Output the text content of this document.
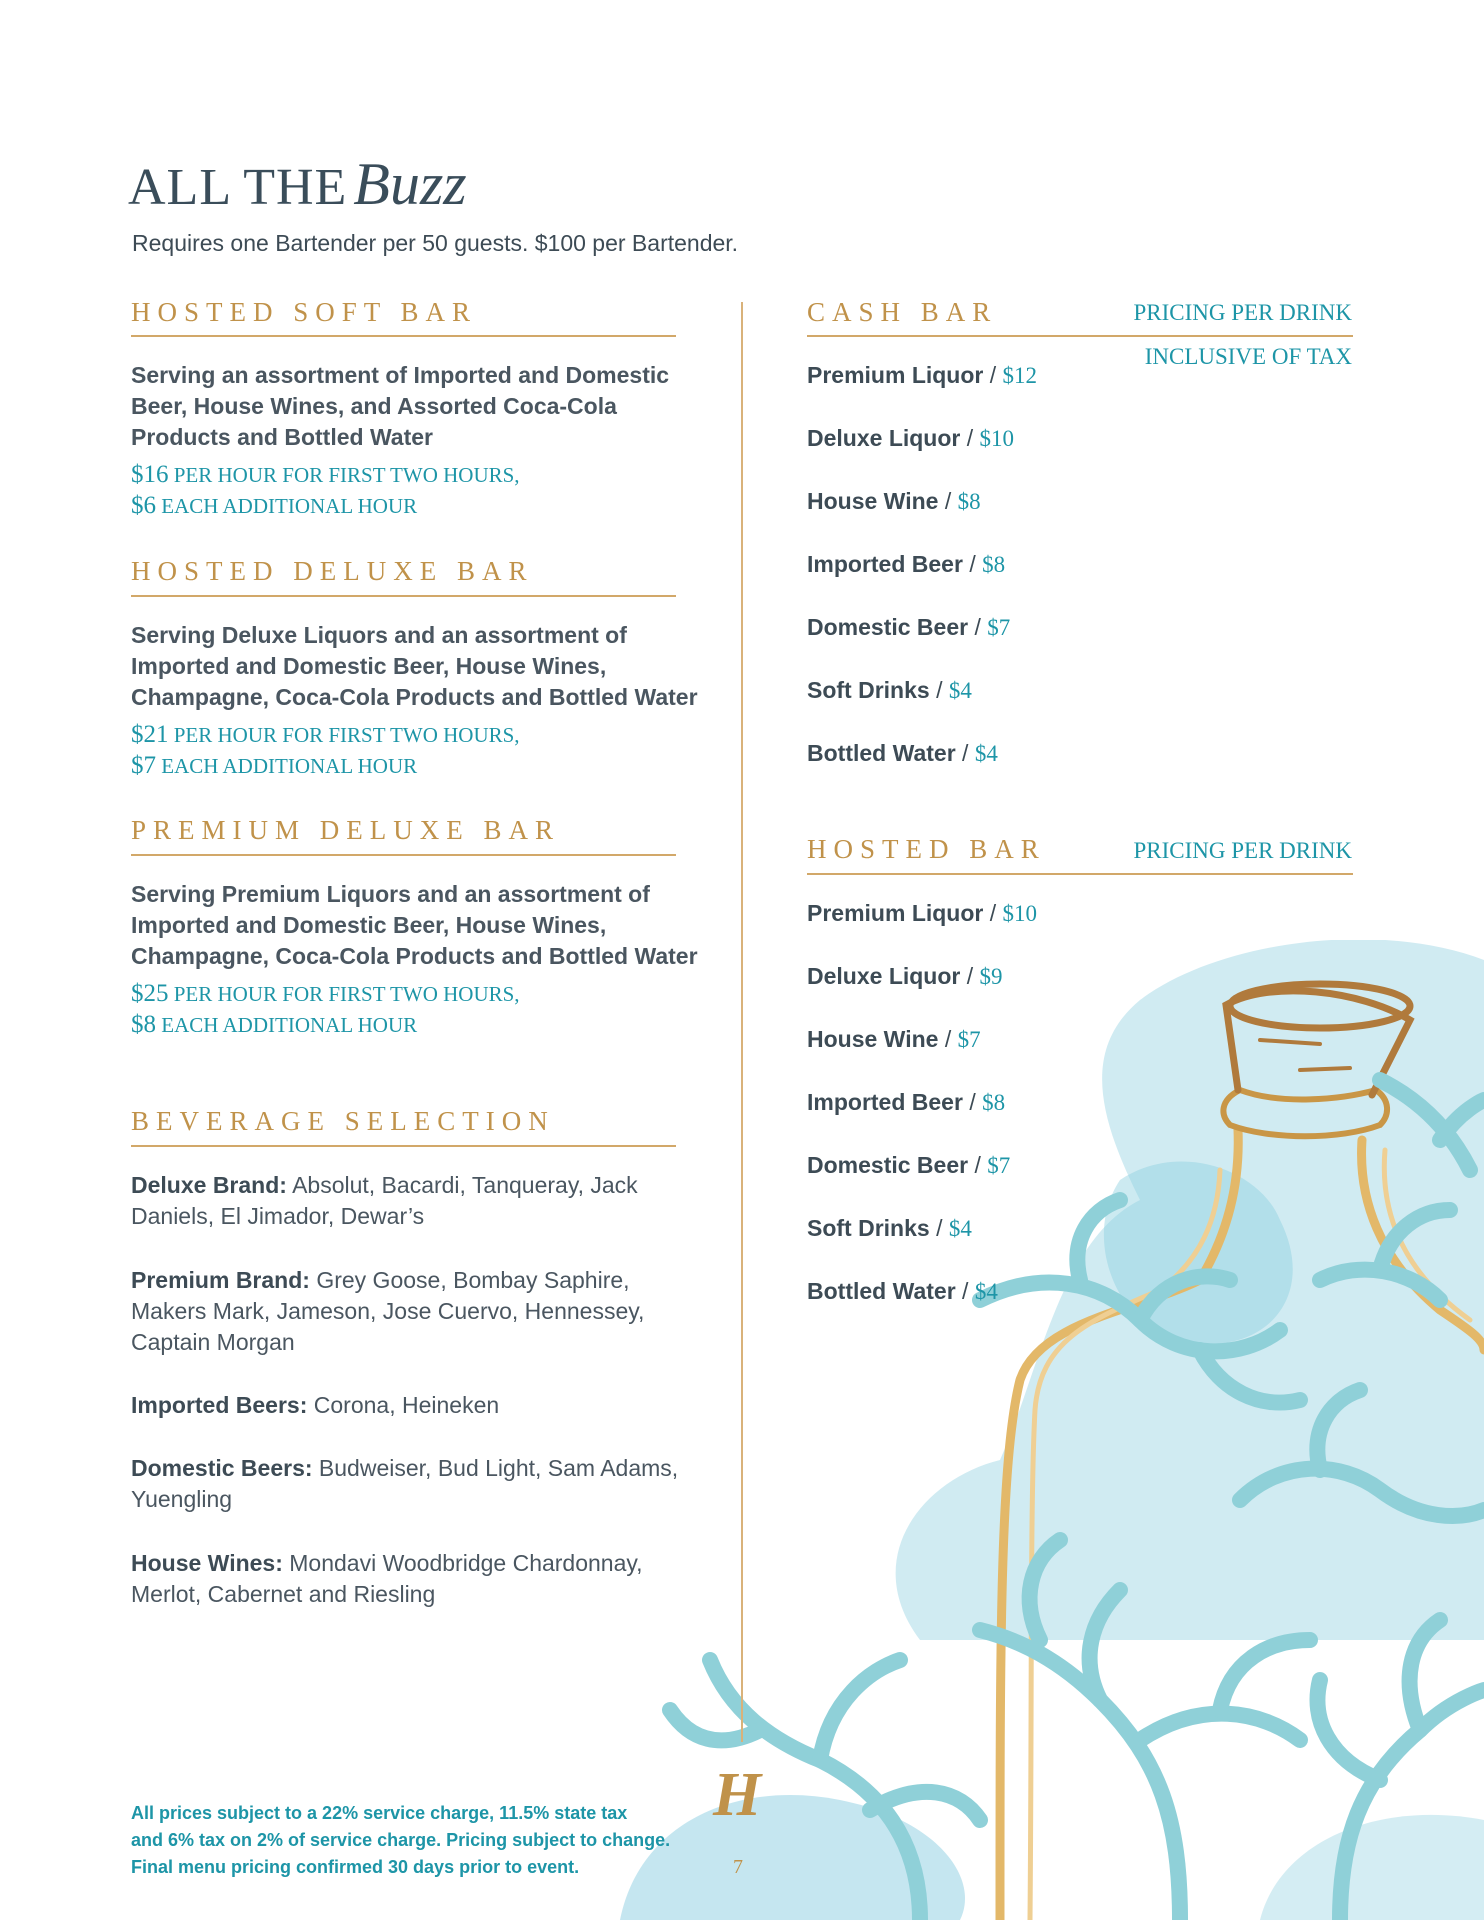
ALL THE Buzz
Requires one Bartender per 50 guests. $100 per Bartender.
HOSTED SOFT BAR
Serving an assortment of Imported and Domestic Beer, House Wines, and Assorted Coca-Cola Products and Bottled Water
$16 PER HOUR FOR FIRST TWO HOURS,
$6 EACH ADDITIONAL HOUR
HOSTED DELUXE BAR
Serving Deluxe Liquors and an assortment of Imported and Domestic Beer, House Wines, Champagne, Coca-Cola Products and Bottled Water
$21 PER HOUR FOR FIRST TWO HOURS,
$7 EACH ADDITIONAL HOUR
PREMIUM DELUXE BAR
Serving Premium Liquors and an assortment of Imported and Domestic Beer, House Wines, Champagne, Coca-Cola Products and Bottled Water
$25 PER HOUR FOR FIRST TWO HOURS,
$8 EACH ADDITIONAL HOUR
BEVERAGE SELECTION
Deluxe Brand: Absolut, Bacardi, Tanqueray, Jack Daniels, El Jimador, Dewar’s
Premium Brand: Grey Goose, Bombay Saphire, Makers Mark, Jameson, Jose Cuervo, Hennessey, Captain Morgan
Imported Beers: Corona, Heineken
Domestic Beers: Budweiser, Bud Light, Sam Adams, Yuengling
House Wines: Mondavi Woodbridge Chardonnay, Merlot, Cabernet and Riesling
CASH BAR	PRICING PER DRINK
INCLUSIVE OF TAX
Premium Liquor / $12
Deluxe Liquor / $10
House Wine / $8
Imported Beer / $8
Domestic Beer / $7
Soft Drinks / $4
Bottled Water / $4
HOSTED BAR	PRICING PER DRINK
Premium Liquor / $10
Deluxe Liquor / $9
House Wine / $7
Imported Beer / $8
Domestic Beer / $7
Soft Drinks / $4
Bottled Water / $4
All prices subject to a 22% service charge, 11.5% state tax
and 6% tax on 2% of service charge. Pricing subject to change.
Final menu pricing confirmed 30 days prior to event.
H
7
